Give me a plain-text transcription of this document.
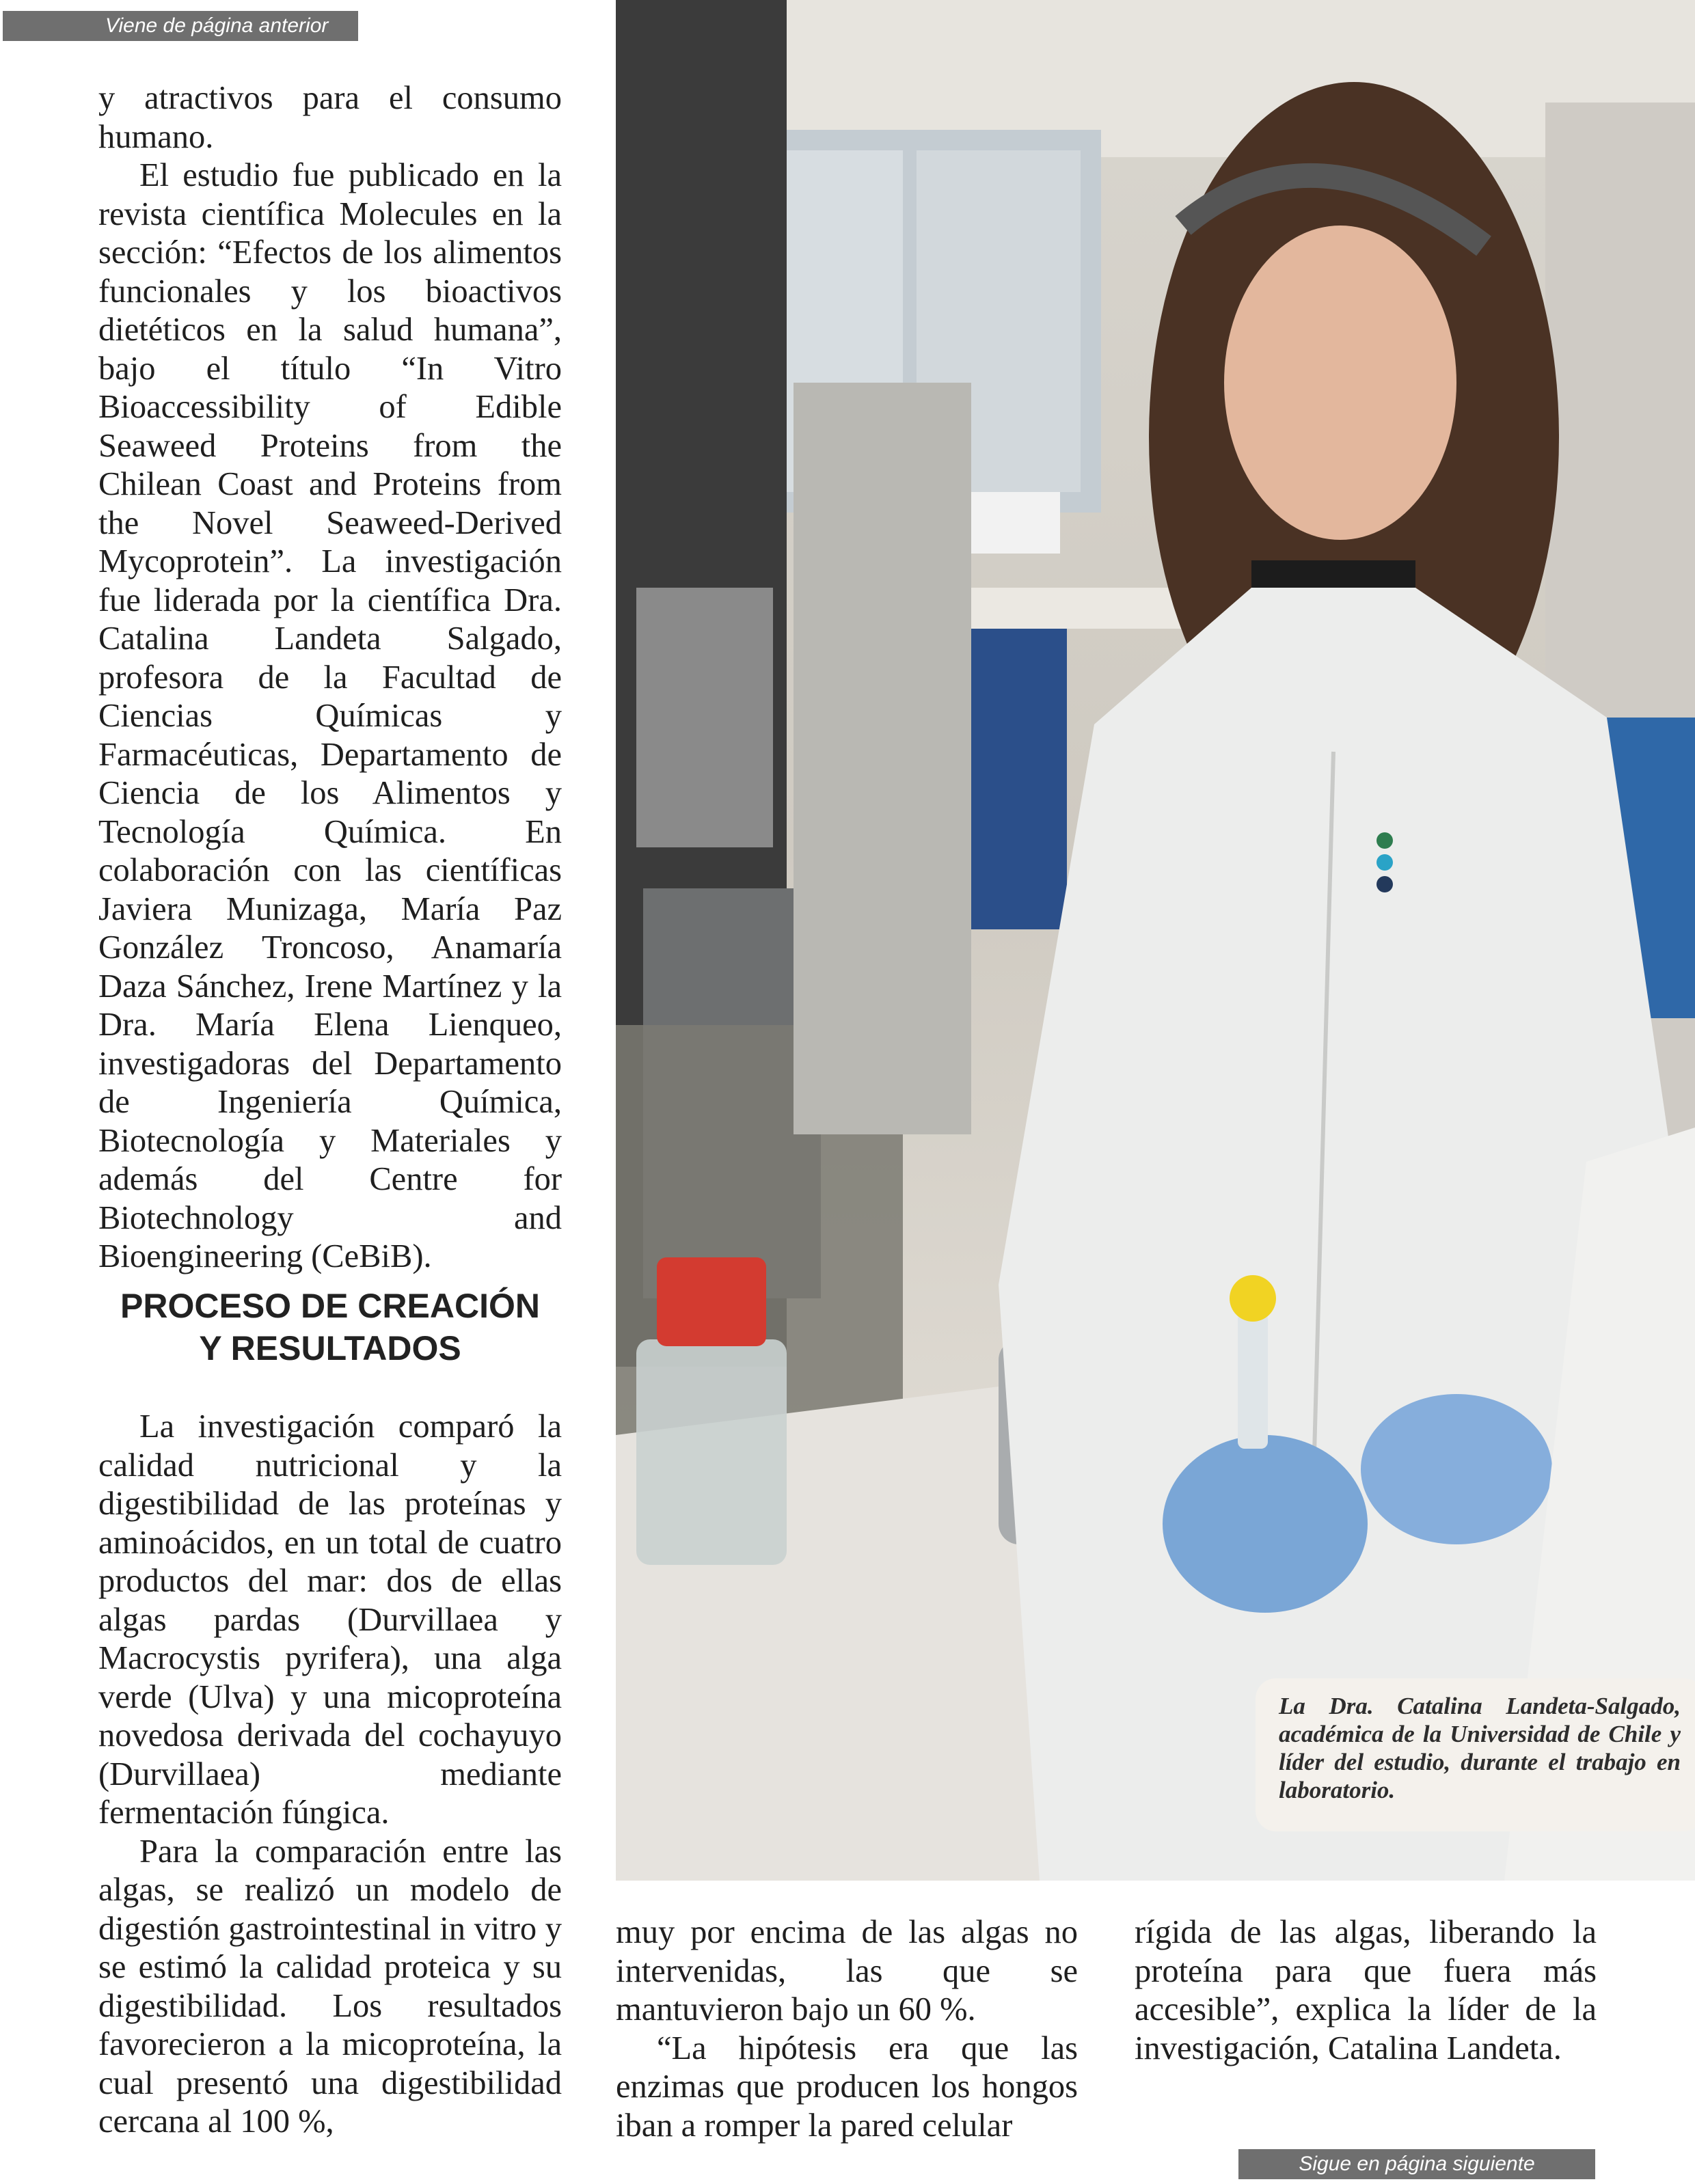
Viene de página anterior

y atractivos para el consumo humano.

El estudio fue publicado en la revista científica Molecules en la sección: “Efectos de los alimentos funcionales y los bioactivos dietéticos en la salud humana”, bajo el título “In Vitro Bioaccessibility of Edible Seaweed Proteins from the Chilean Coast and Proteins from the Novel Seaweed-Derived Mycoprotein”. La investigación fue liderada por la científica Dra. Catalina Landeta Salgado, profesora de la Facultad de Ciencias Químicas y Farmacéuticas, Departamento de Ciencia de los Alimentos y Tecnología Química. En colaboración con las científicas Javiera Munizaga, María Paz González Troncoso, Anamaría Daza Sánchez, Irene Martínez y la Dra. María Elena Lienqueo, investigadoras del Departamento de Ingeniería Química, Biotecnología y Materiales y además del Centre for Biotechnology and Bioengineering (CeBiB).

PROCESO DE CREACIÓN
Y RESULTADOS

La investigación comparó la calidad nutricional y la digestibilidad de las proteínas y aminoácidos, en un total de cuatro productos del mar: dos de ellas algas pardas (Durvillaea y Macrocystis pyrifera), una alga verde (Ulva) y una micoproteína novedosa derivada del cochayuyo (Durvillaea) mediante fermentación fúngica.

Para la comparación entre las algas, se realizó un modelo de digestión gastrointestinal in vitro y se estimó la calidad proteica y su digestibilidad. Los resultados favorecieron a la micoproteína, la cual presentó una digestibilidad cercana al 100 %,

La Dra. Catalina Landeta-Salgado, académica de la Universidad de Chile y líder del estudio, durante el trabajo en laboratorio.

muy por encima de las algas no intervenidas, las que se mantuvieron bajo un 60 %.

“La hipótesis era que las enzimas que producen los hongos iban a romper la pared celular

rígida de las algas, liberando la proteína para que fuera más accesible”, explica la líder de la investigación, Catalina Landeta.

Sigue en página siguiente
